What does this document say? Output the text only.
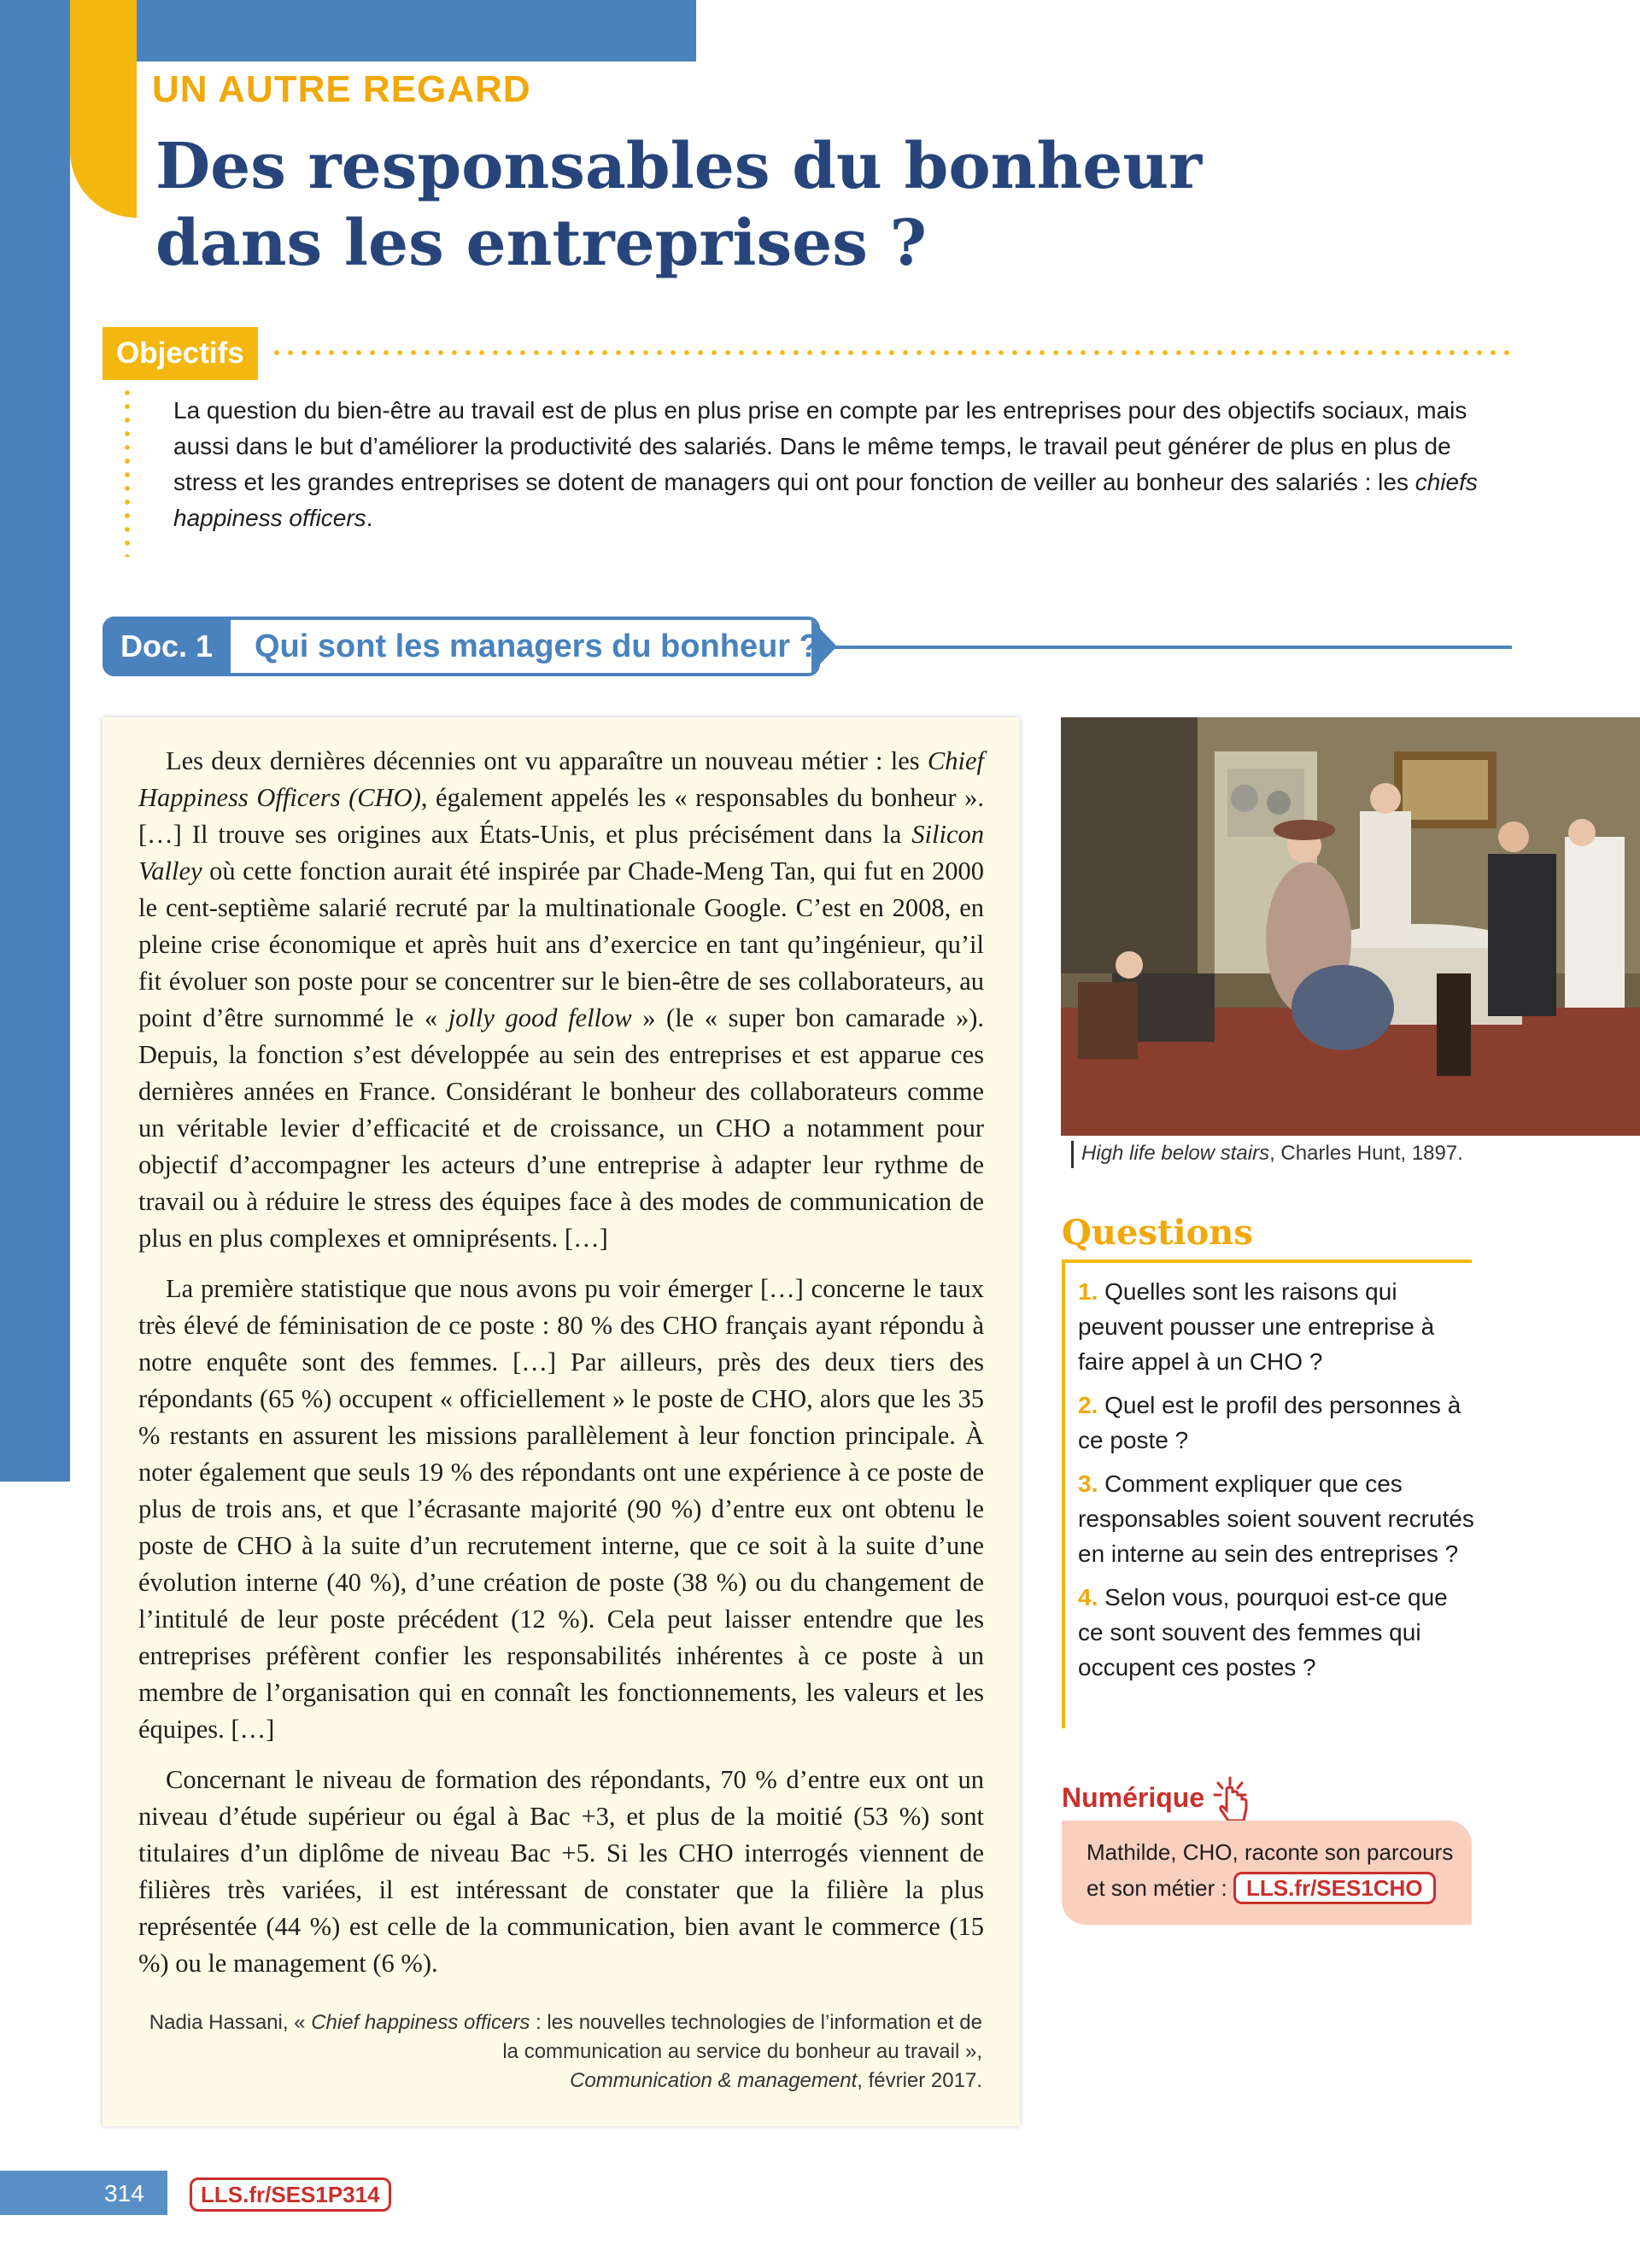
UN AUTRE REGARD
Des responsables du bonheur dans les entreprises ?
Objectifs

La question du bien-être au travail est de plus en plus prise en compte par les entreprises pour des objectifs sociaux, mais aussi dans le but d’améliorer la productivité des salariés. Dans le même temps, le travail peut générer de plus en plus de stress et les grandes entreprises se dotent de managers qui ont pour fonction de veiller au bonheur des salariés : les chiefs happiness officers.

Doc. 1	Qui sont les managers du bonheur ?

Les deux dernières décennies ont vu apparaître un nouveau métier : les Chief Happiness Officers (CHO), également appelés les « responsables du bonheur ». […] Il trouve ses origines aux États-Unis, et plus précisément dans la Silicon Valley où cette fonction aurait été inspirée par Chade-Meng Tan, qui fut en 2000 le cent-septième salarié recruté par la multinationale Google. C’est en 2008, en pleine crise économique et après huit ans d’exercice en tant qu’ingénieur, qu’il fit évoluer son poste pour se concentrer sur le bien-être de ses collaborateurs, au point d’être surnommé le « jolly good fellow » (le « super bon camarade »). Depuis, la fonction s’est développée au sein des entreprises et est apparue ces dernières années en France. Considérant le bonheur des collaborateurs comme un véritable levier d’efficacité et de croissance, un CHO a notamment pour objectif d’accompagner les acteurs d’une entreprise à adapter leur rythme de travail ou à réduire le stress des équipes face à des modes de communication de plus en plus complexes et omniprésents. […]

La première statistique que nous avons pu voir émerger […] concerne le taux très élevé de féminisation de ce poste : 80 % des CHO français ayant répondu à notre enquête sont des femmes. […] Par ailleurs, près des deux tiers des répondants (65 %) occupent « officiellement » le poste de CHO, alors que les 35 % restants en assurent les missions parallèlement à leur fonction principale. À noter également que seuls 19 % des répondants ont une expérience à ce poste de plus de trois ans, et que l’écrasante majorité (90 %) d’entre eux ont obtenu le poste de CHO à la suite d’un recrutement interne, que ce soit à la suite d’une évolution interne (40 %), d’une création de poste (38 %) ou du changement de l’intitulé de leur poste précédent (12 %). Cela peut laisser entendre que les entreprises préfèrent confier les responsabilités inhérentes à ce poste à un membre de l’organisation qui en connaît les fonctionnements, les valeurs et les équipes. […]

Concernant le niveau de formation des répondants, 70 % d’entre eux ont un niveau d’étude supérieur ou égal à Bac +3, et plus de la moitié (53 %) sont titulaires d’un diplôme de niveau Bac +5. Si les CHO interrogés viennent de filières très variées, il est intéressant de constater que la filière la plus représentée (44 %) est celle de la communication, bien avant le commerce (15 %) ou le management (6 %).

Nadia Hassani, « Chief happiness officers : les nouvelles technologies de l’information et de la communication au service du bonheur au travail »,
Communication & management, février 2017.
High life below stairs, Charles Hunt, 1897.
Questions
1. Quelles sont les raisons qui peuvent pousser une entreprise à faire appel à un CHO ?
2. Quel est le profil des personnes à ce poste ?
3. Comment expliquer que ces responsables soient souvent recrutés en interne au sein des entreprises ?
4. Selon vous, pourquoi est-ce que ce sont souvent des femmes qui occupent ces postes ?
Numérique
Mathilde, CHO, raconte son parcours et son métier : LLS.fr/SES1CHO
314	LLS.fr/SES1P314
